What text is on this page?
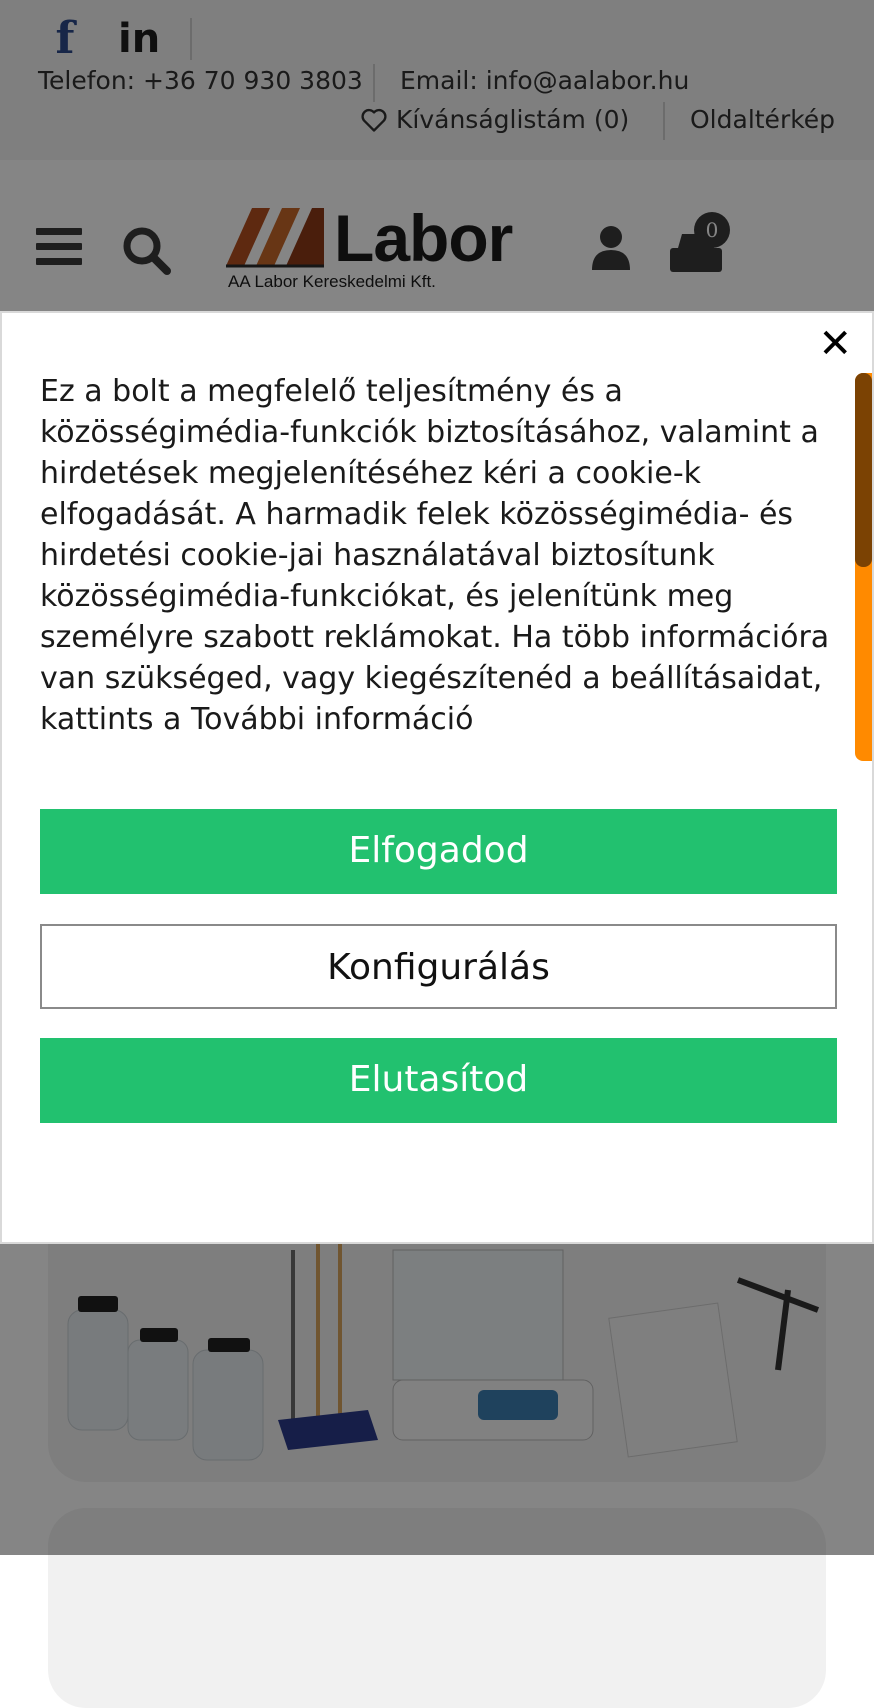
f in
Telefon: +36 70 930 3803 Email: info@aalabor.hu
Kívánságlistám (0) Oldaltérkép
Labor
AA Labor Kereskedelmi Kft.
0
✕

Ez a bolt a megfelelő teljesítmény és a közösségimédia-funkciók biztosításához, valamint a hirdetések megjelenítéséhez kéri a cookie-k elfogadását. A harmadik felek közösségimédia- és hirdetési cookie-jai használatával biztosítunk közösségimédia-funkciókat, és jelenítünk meg személyre szabott reklámokat. Ha több információra van szükséged, vagy kiegészítenéd a beállításaidat, kattints a További információ

Elfogadod
Konfigurálás
Elutasítod
